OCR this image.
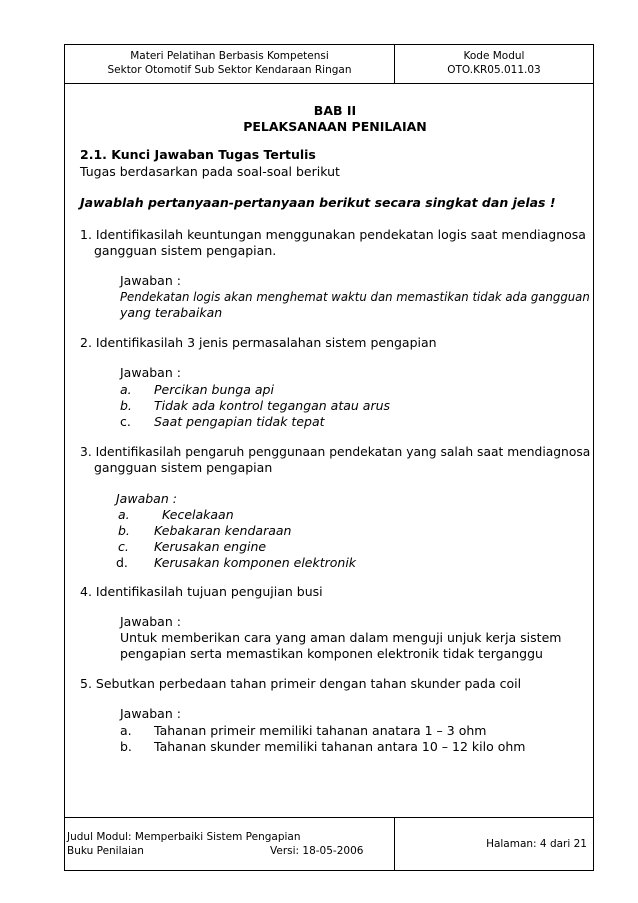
Materi Pelatihan Berbasis Kompetensi
Sektor Otomotif Sub Sektor Kendaraan Ringan
Kode Modul
OTO.KR05.011.03
Judul Modul: Memperbaiki Sistem Pengapian
Buku Penilaian	Versi: 18-05-2006
Halaman: 4 dari 21
BAB II
PELAKSANAAN PENILAIAN
2.1. Kunci Jawaban Tugas Tertulis
Tugas berdasarkan pada soal-soal berikut
Jawablah pertanyaan-pertanyaan berikut secara singkat dan jelas !
1. Identifikasilah keuntungan menggunakan pendekatan logis saat mendiagnosa
gangguan sistem pengapian.
Jawaban :
Pendekatan logis akan menghemat waktu dan memastikan tidak ada gangguan
yang terabaikan
2. Identifikasilah 3 jenis permasalahan sistem pengapian
Jawaban :
a. Percikan bunga api
b. Tidak ada kontrol tegangan atau arus
c. Saat pengapian tidak tepat
3. Identifikasilah pengaruh penggunaan pendekatan yang salah saat mendiagnosa
gangguan sistem pengapian
Jawaban :
a.	Kecelakaan
b. Kebakaran kendaraan
c. Kerusakan engine
d. Kerusakan komponen elektronik
4. Identifikasilah tujuan pengujian busi
Jawaban :
Untuk memberikan cara yang aman dalam menguji unjuk kerja sistem
pengapian serta memastikan komponen elektronik tidak terganggu
5. Sebutkan perbedaan tahan primeir dengan tahan skunder pada coil
Jawaban :
a. Tahanan primeir memiliki tahanan anatara 1 – 3 ohm
b. Tahanan skunder memiliki tahanan antara 10 – 12 kilo ohm
